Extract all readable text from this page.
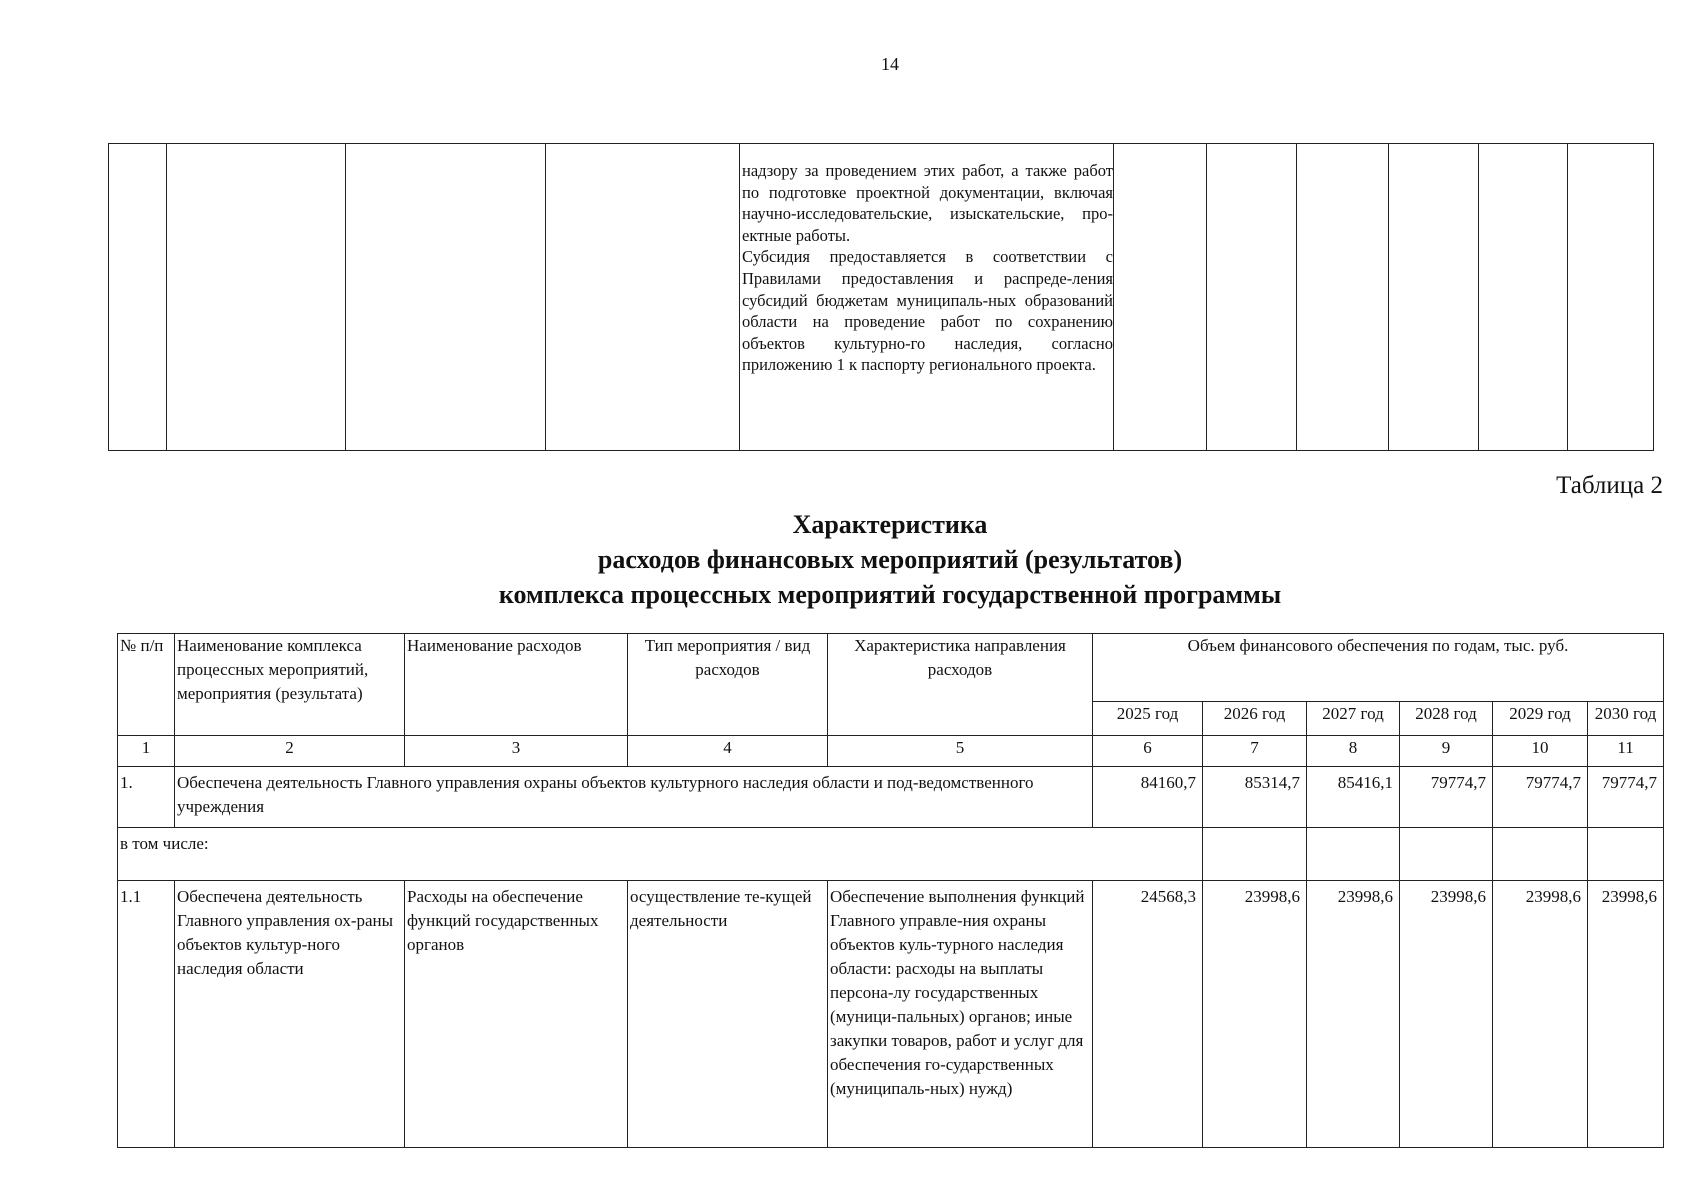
14

надзору за проведением этих работ, а также работ по подготовке проектной документации, включая научно-исследовательские, изыскательские, про-ектные работы.

Субсидия предоставляется в соответствии с Правилами предоставления и распреде-ления субсидий бюджетам муниципаль-ных образований области на проведение работ по сохранению объектов культурно-го наследия, согласно приложению 1 к паспорту регионального проекта.

Таблица 2
Характеристика
расходов финансовых мероприятий (результатов)
комплекса процессных мероприятий государственной программы
№ п/п	Наименование комплекса процессных мероприятий, мероприятия (результата)	Наименование расходов	Тип мероприятия / вид расходов	Характеристика направления расходов	Объем финансового обеспечения по годам, тыс. руб.					
					2025 год	2026 год	2027 год	2028 год	2029 год	2030 год
1	2	3	4	5	6	7	8	9	10	11
1.	Обеспечена деятельность Главного управления охраны объектов культурного наследия области и под-ведомственного учреждения				84160,7	85314,7	85416,1	79774,7	79774,7	79774,7
в том числе:										
1.1	Обеспечена деятельность Главного управления ох-раны объектов культур-ного наследия области	Расходы на обеспечение функций государственных органов	осуществление те-кущей деятельности	Обеспечение выполнения функций Главного управле-ния охраны объектов куль-турного наследия области: расходы на выплаты персона-лу государственных (муници-пальных) органов; иные закупки товаров, работ и услуг для обеспечения го-сударственных (муниципаль-ных) нужд)	24568,3	23998,6	23998,6	23998,6	23998,6	23998,6
